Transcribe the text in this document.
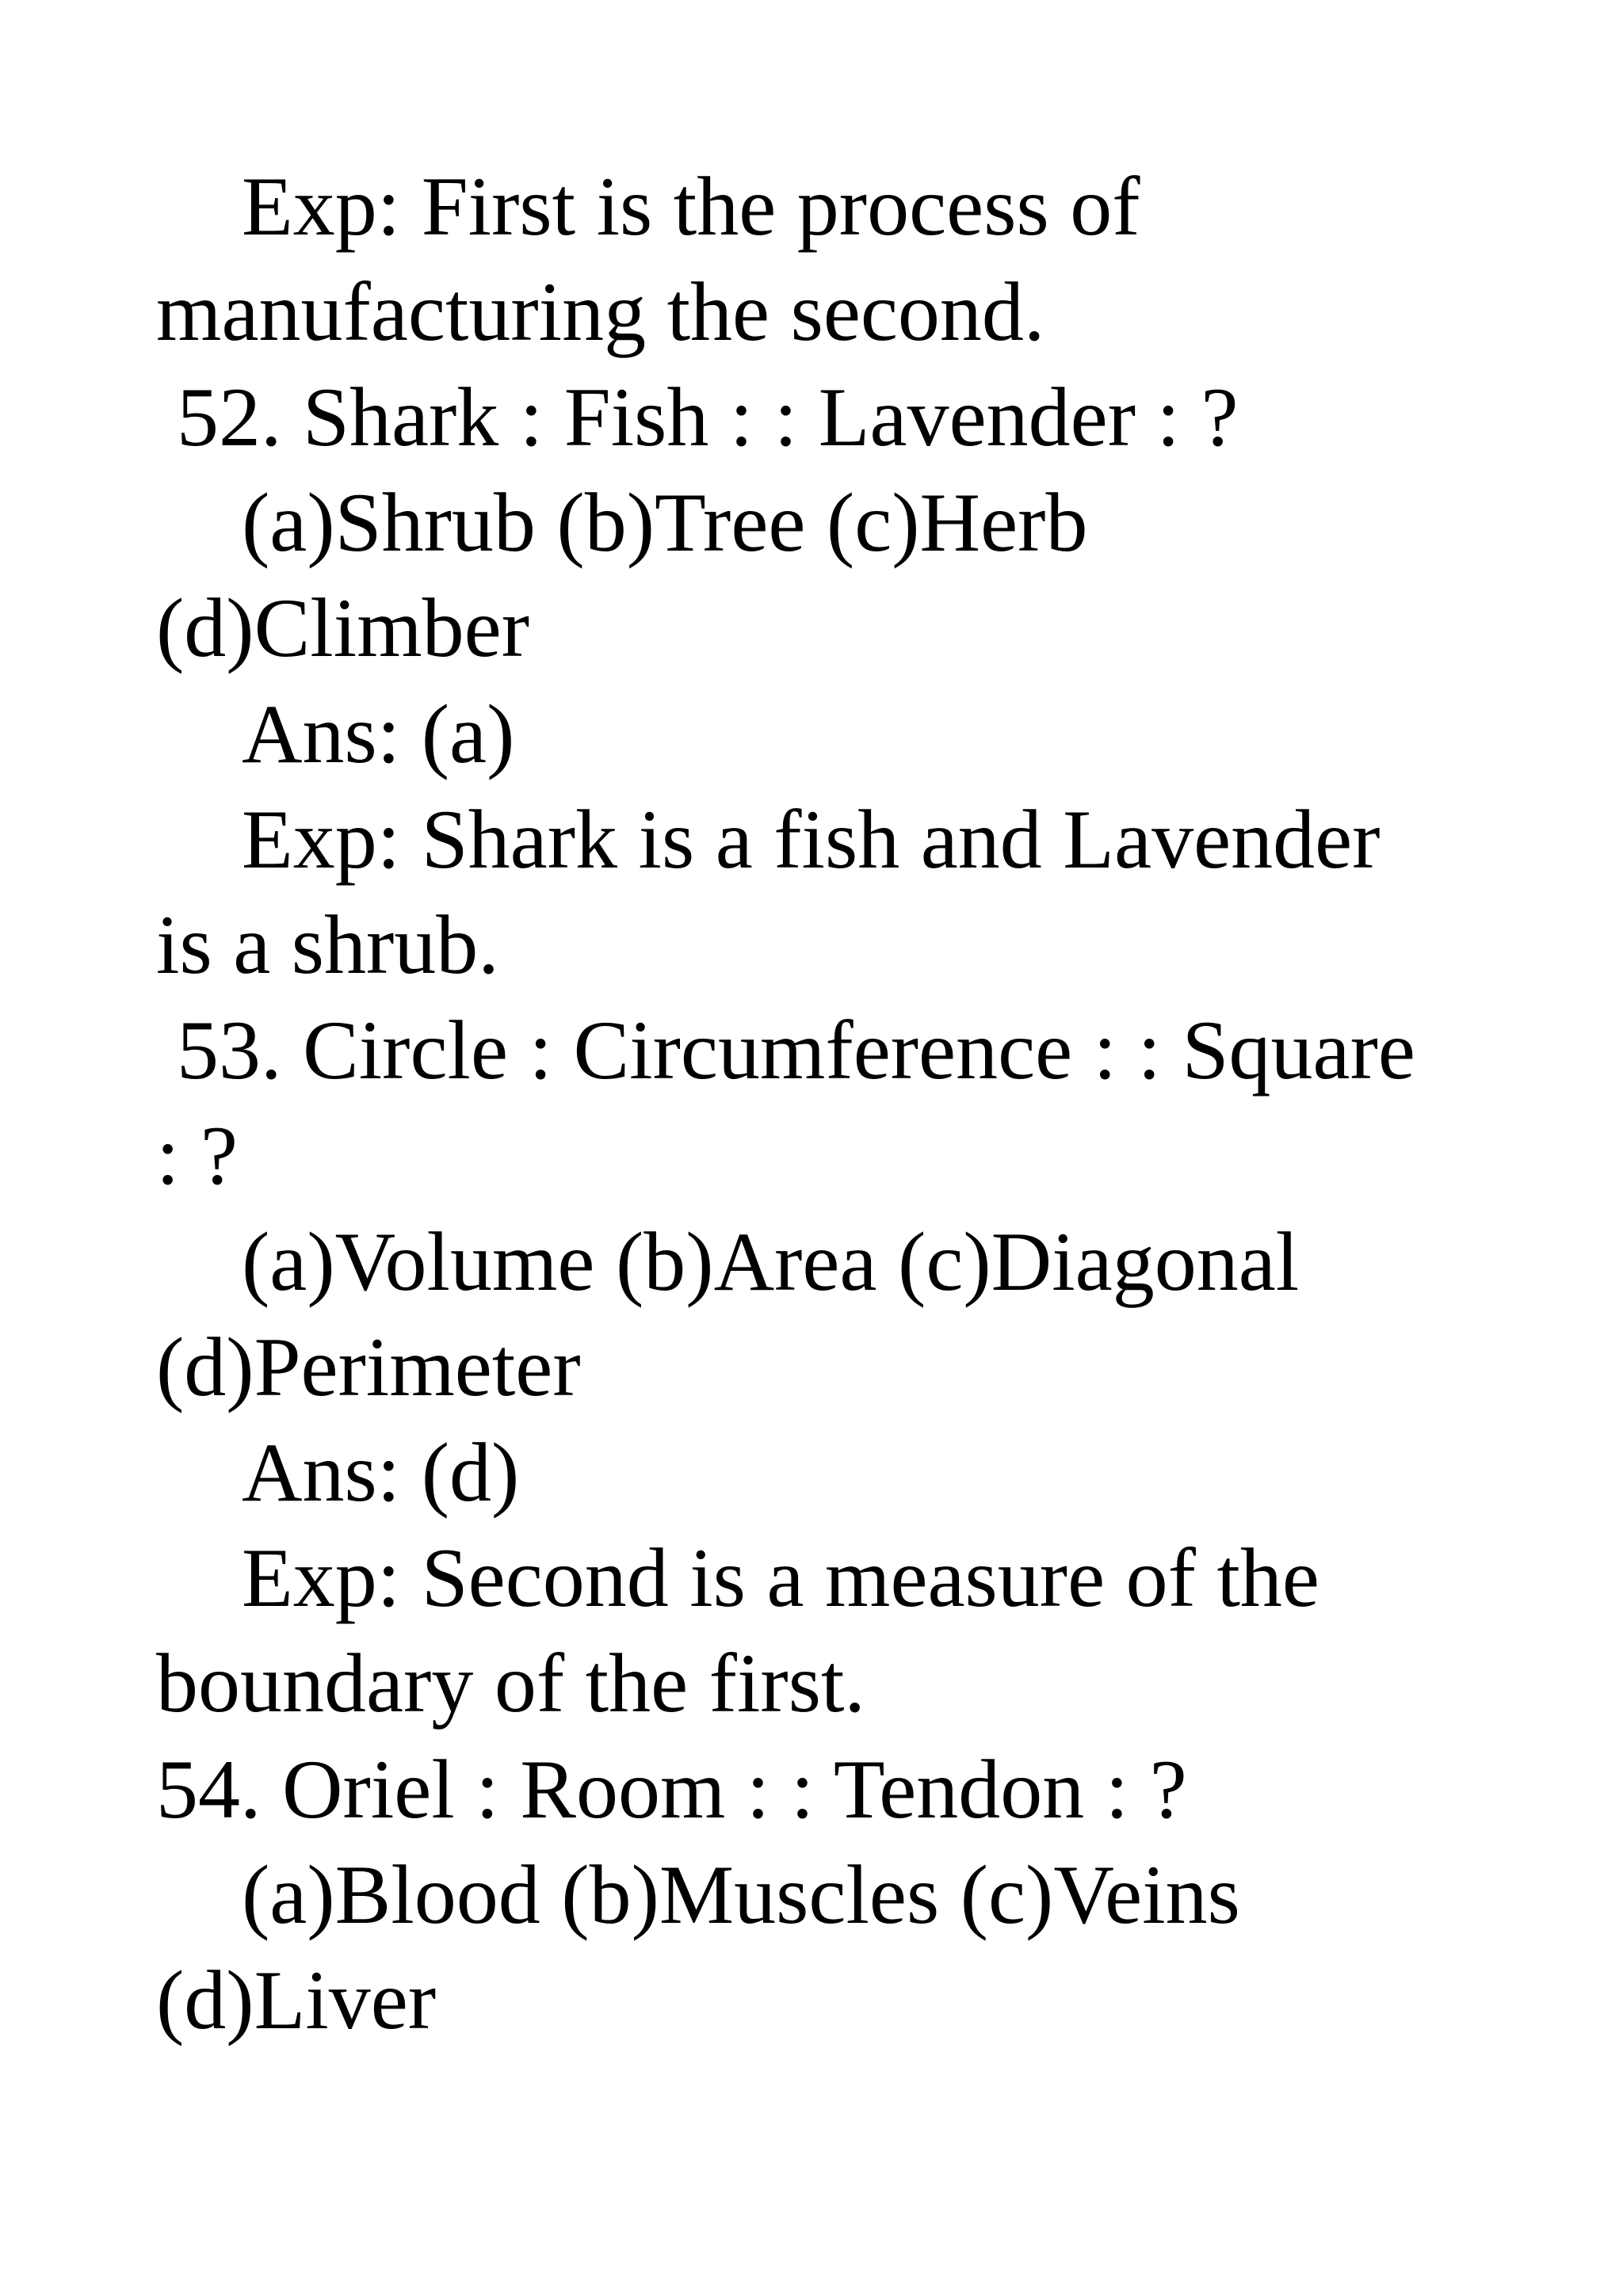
Exp: First is the process of

manufacturing the second.

52. Shark : Fish : : Lavender : ?

(a)Shrub (b)Tree (c)Herb

(d)Climber

Ans: (a)

Exp: Shark is a fish and Lavender

is a shrub.

53. Circle : Circumference : : Square

: ?

(a)Volume (b)Area (c)Diagonal

(d)Perimeter

Ans: (d)

Exp: Second is a measure of the

boundary of the first.

54. Oriel : Room : : Tendon : ?

(a)Blood (b)Muscles (c)Veins

(d)Liver
